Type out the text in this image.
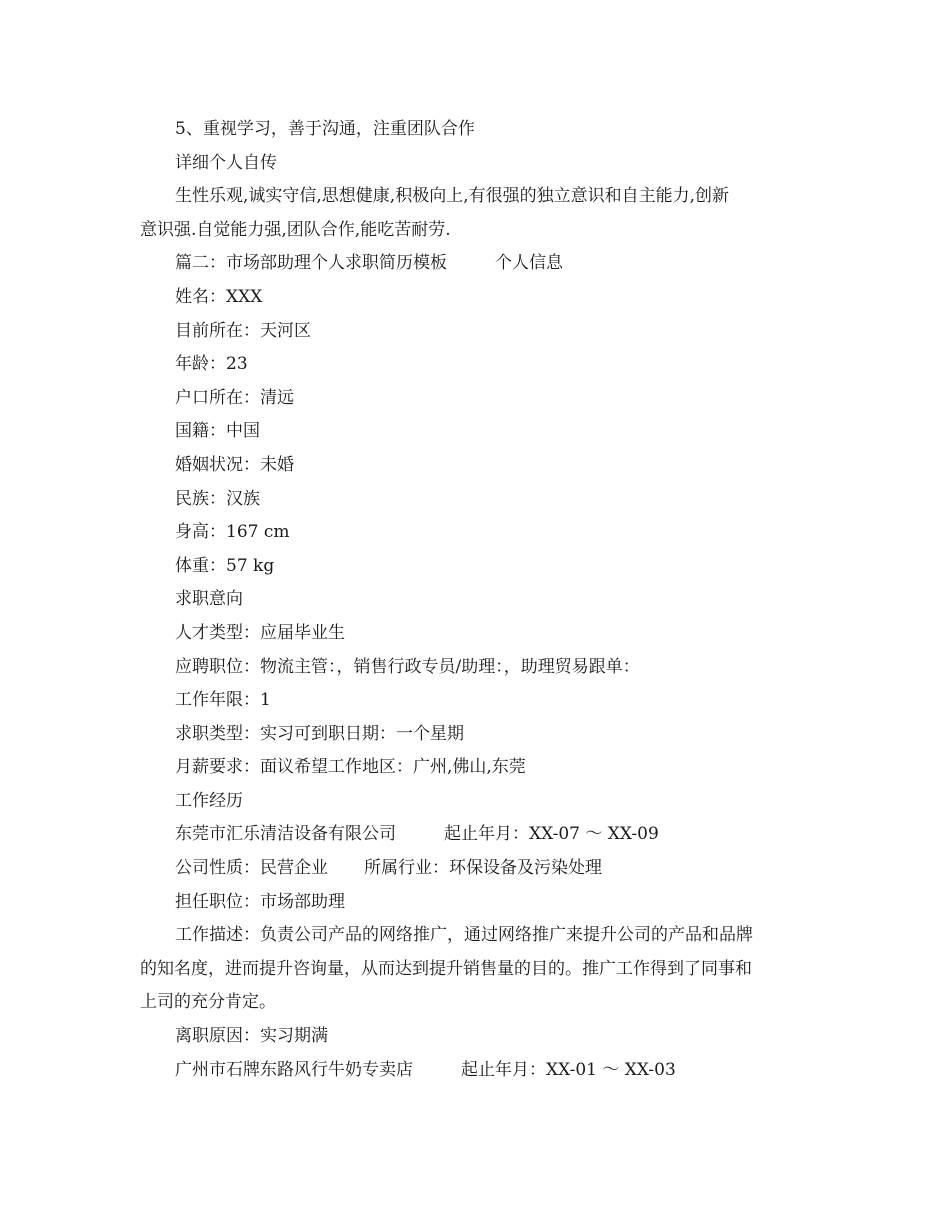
5、重视学习，善于沟通，注重团队合作
详细个人自传
生性乐观,诚实守信,思想健康,积极向上,有很强的独立意识和自主能力,创新
意识强.自觉能力强,团队合作,能吃苦耐劳.
篇二：市场部助理个人求职简历模板	个人信息
姓名：XXX
目前所在：天河区
年龄：23
户口所在：清远
国籍：中国
婚姻状况：未婚
民族：汉族
身高：167 cm
体重：57 kg
求职意向
人才类型：应届毕业生
应聘职位：物流主管：，销售行政专员/助理：，助理贸易跟单：
工作年限：1
求职类型：实习可到职日期：一个星期
月薪要求：面议希望工作地区：广州,佛山,东莞
工作经历
东莞市汇乐清洁设备有限公司	起止年月：XX-07 ～ XX-09
公司性质：民营企业 所属行业：环保设备及污染处理
担任职位：市场部助理
工作描述：负责公司产品的网络推广，通过网络推广来提升公司的产品和品牌
的知名度，进而提升咨询量，从而达到提升销售量的目的。推广工作得到了同事和
上司的充分肯定。
离职原因：实习期满
广州市石牌东路风行牛奶专卖店	起止年月：XX-01 ～ XX-03
